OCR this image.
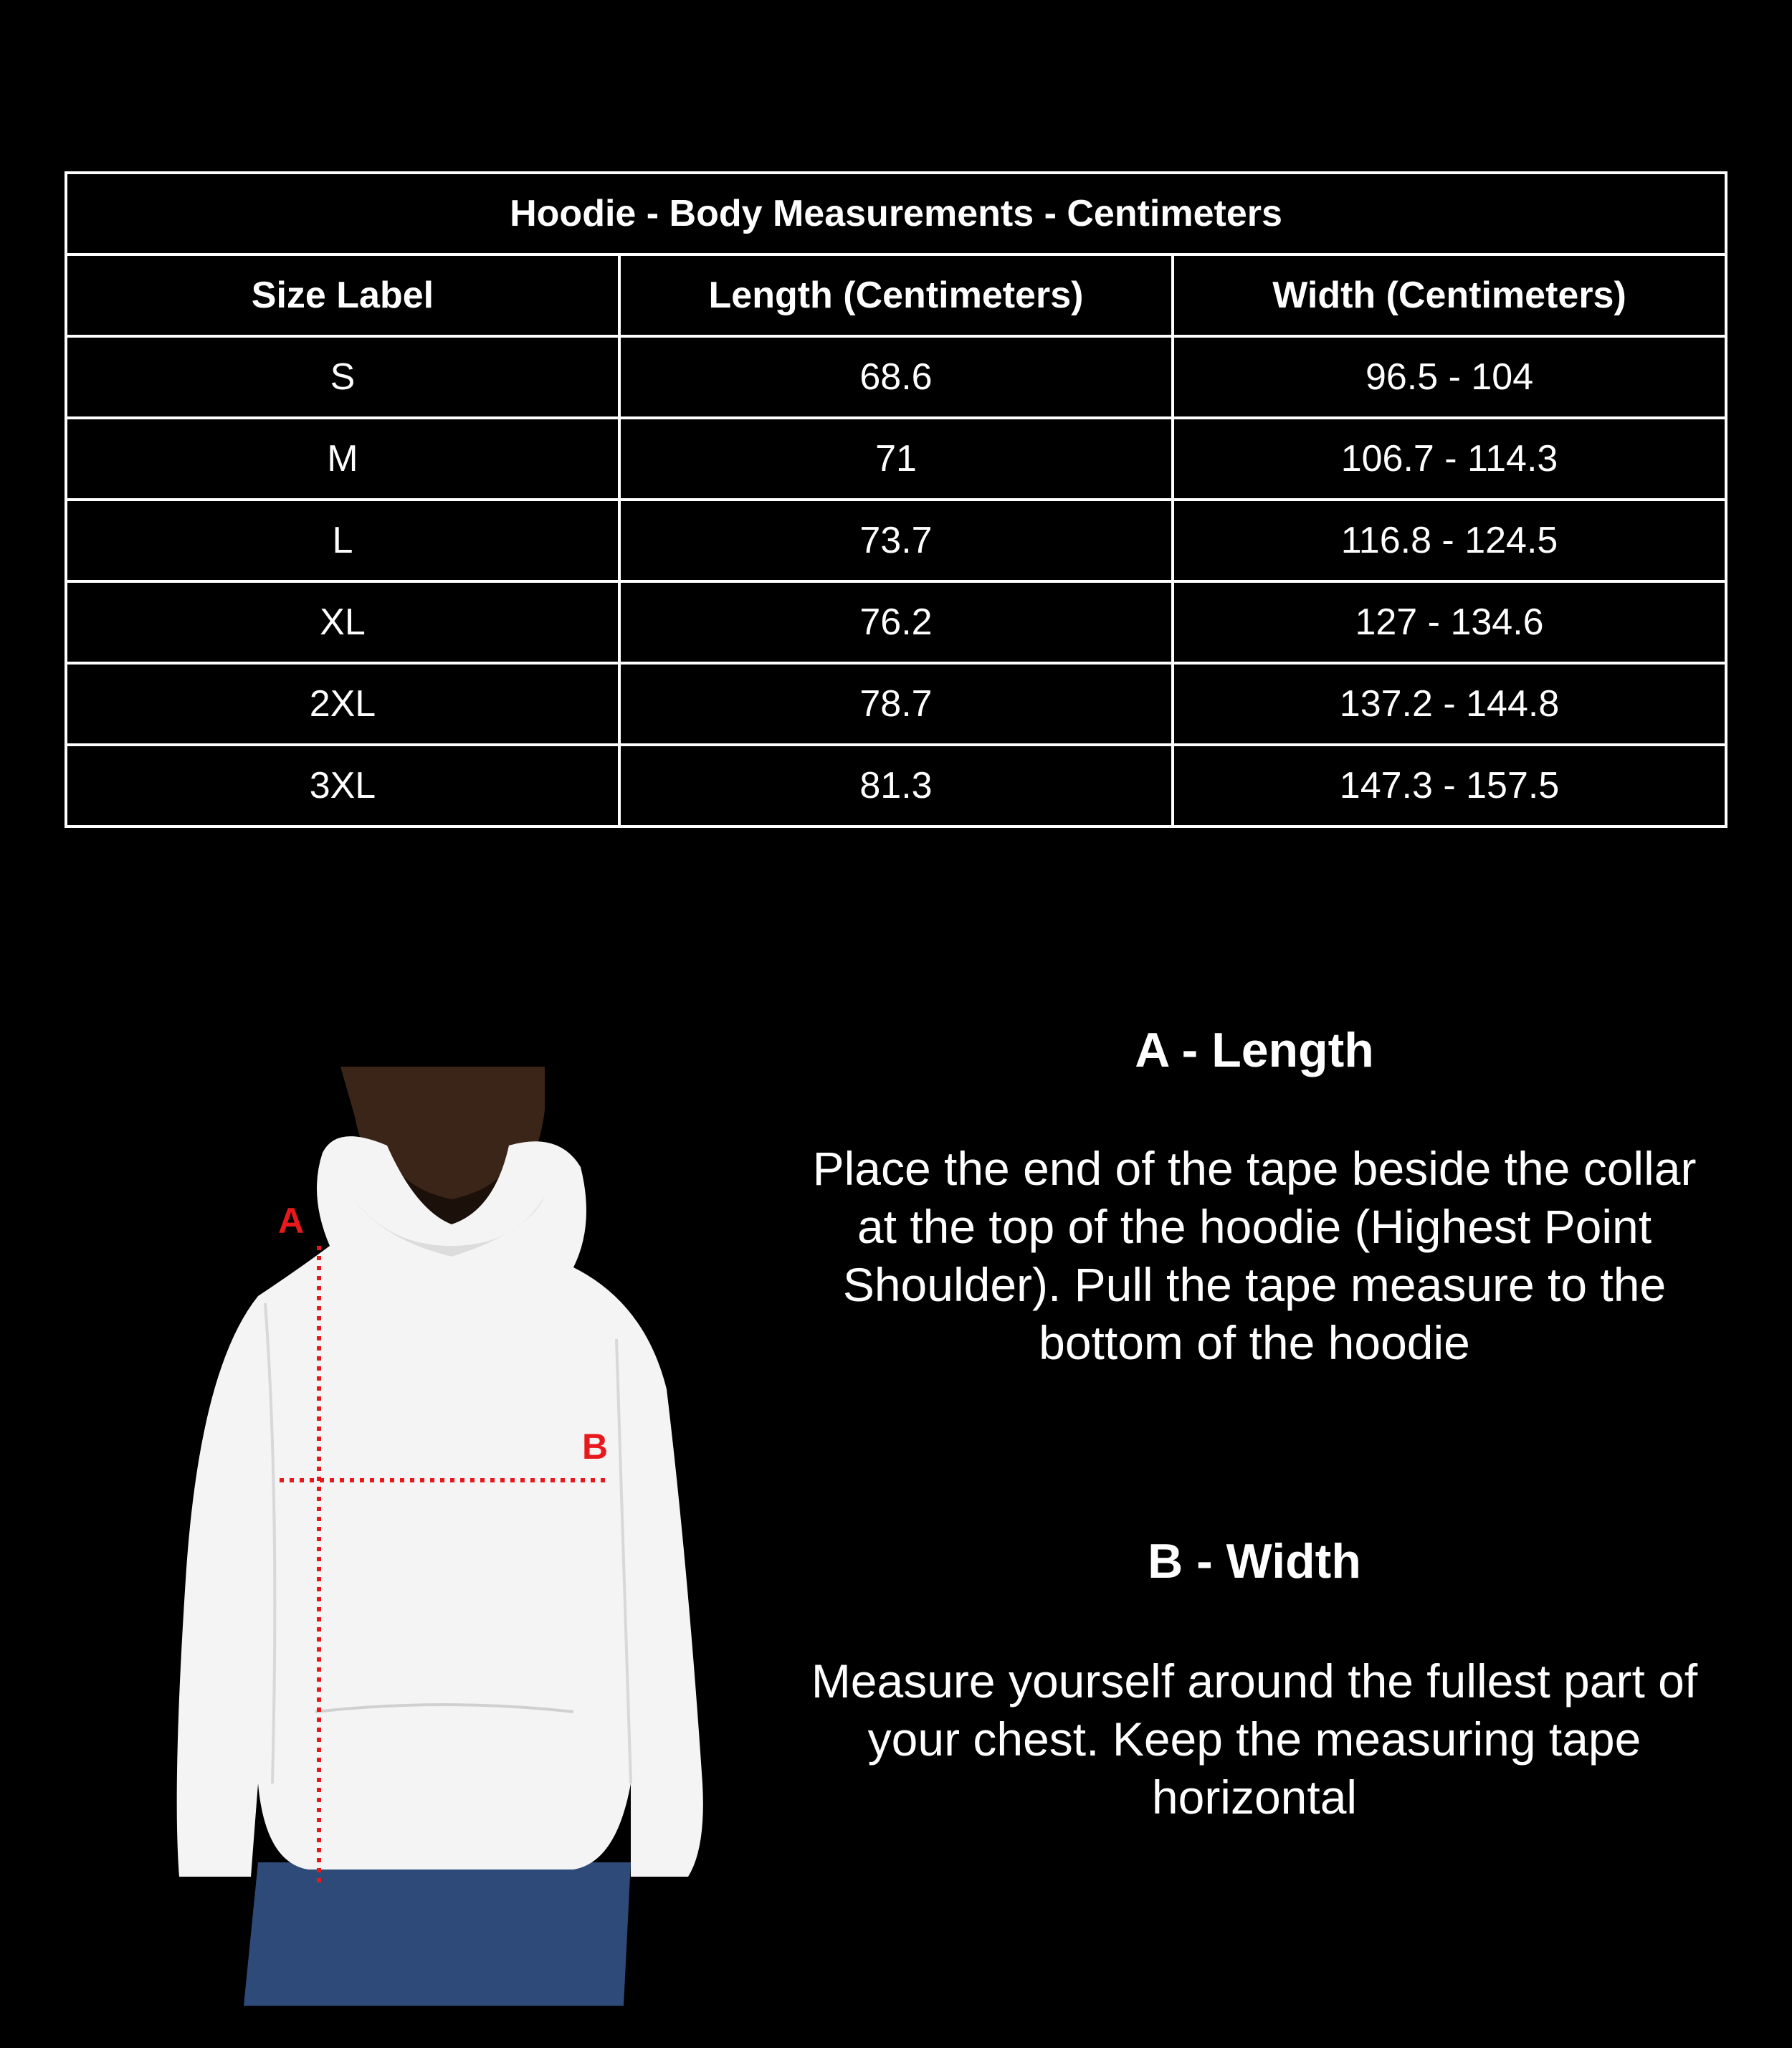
Hoodie - Body Measurements - Centimeters		
Size Label	Length (Centimeters)	Width (Centimeters)
S	68.6	96.5 - 104
M	71	106.7 - 114.3
L	73.7	116.8 - 124.5
XL	76.2	127 - 134.6
2XL	78.7	137.2 - 144.8
3XL	81.3	147.3 - 157.5
A
B
A - Length

Place the end of the tape beside the collar at the top of the hoodie (Highest Point Shoulder). Pull the tape measure to the bottom of the hoodie

B - Width

Measure yourself around the fullest part of your chest. Keep the measuring tape horizontal
